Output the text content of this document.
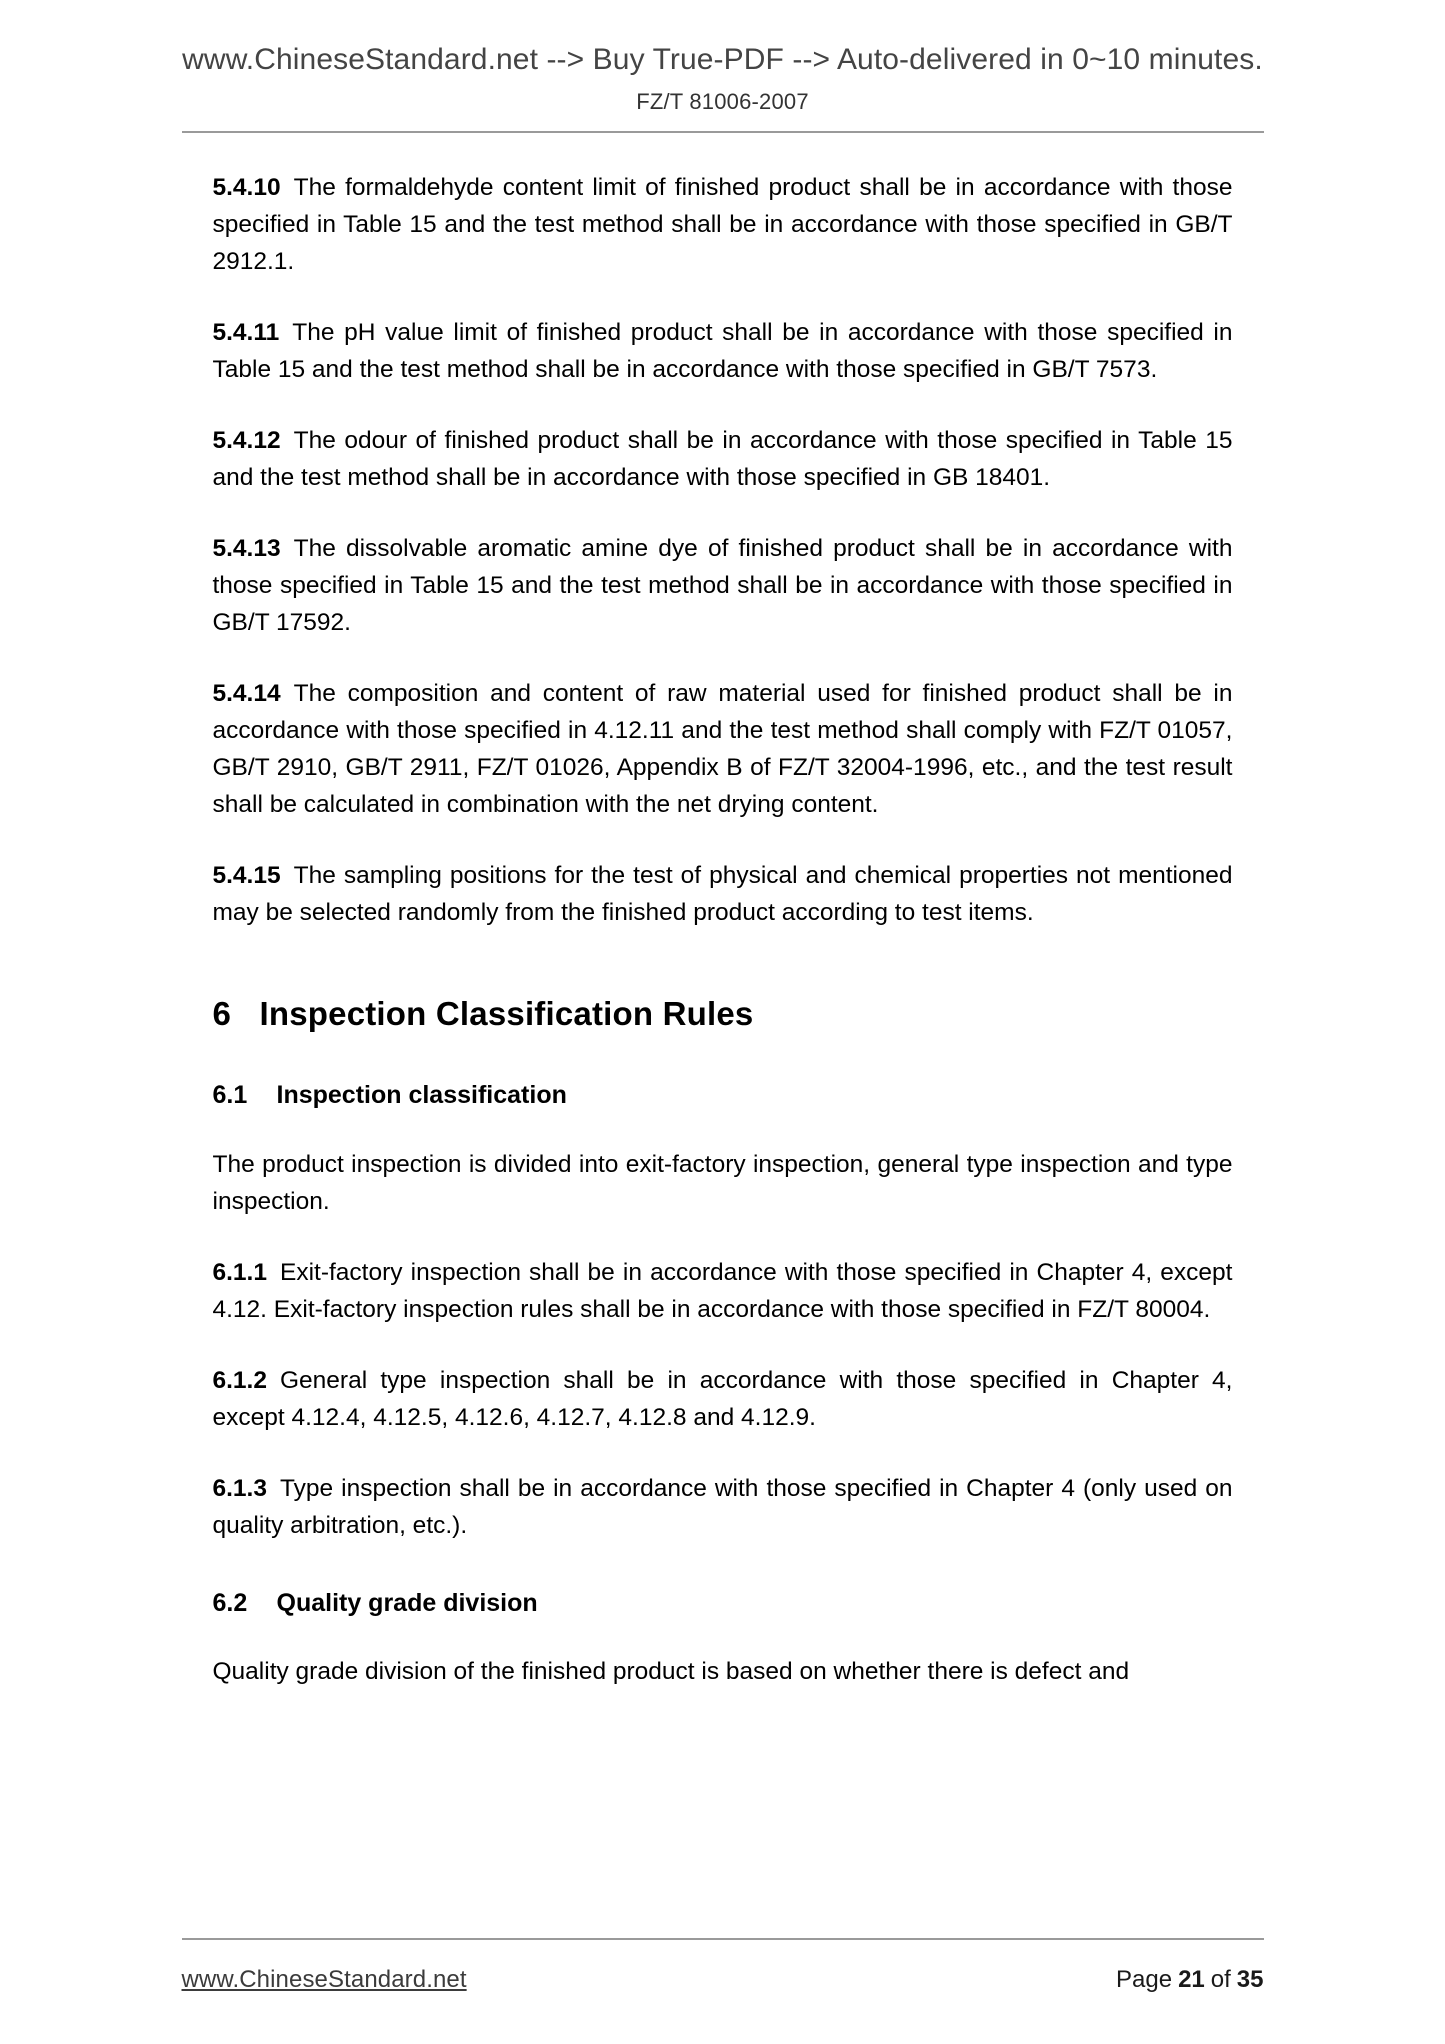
www.ChineseStandard.net --> Buy True-PDF --> Auto-delivered in 0~10 minutes.
FZ/T 81006-2007

5.4.10 The formaldehyde content limit of finished product shall be in accordance with those specified in Table 15 and the test method shall be in accordance with those specified in GB/T 2912.1.

5.4.11 The pH value limit of finished product shall be in accordance with those specified in Table 15 and the test method shall be in accordance with those specified in GB/T 7573.

5.4.12 The odour of finished product shall be in accordance with those specified in Table 15 and the test method shall be in accordance with those specified in GB 18401.

5.4.13 The dissolvable aromatic amine dye of finished product shall be in accordance with those specified in Table 15 and the test method shall be in accordance with those specified in GB/T 17592.

5.4.14 The composition and content of raw material used for finished product shall be in accordance with those specified in 4.12.11 and the test method shall comply with FZ/T 01057, GB/T 2910, GB/T 2911, FZ/T 01026, Appendix B of FZ/T 32004-1996, etc., and the test result shall be calculated in combination with the net drying content.

5.4.15 The sampling positions for the test of physical and chemical properties not mentioned may be selected randomly from the finished product according to test items.

6 Inspection Classification Rules
6.1 Inspection classification

The product inspection is divided into exit-factory inspection, general type inspection and type inspection.

6.1.1 Exit-factory inspection shall be in accordance with those specified in Chapter 4, except 4.12. Exit-factory inspection rules shall be in accordance with those specified in FZ/T 80004.

6.1.2 General type inspection shall be in accordance with those specified in Chapter 4, except 4.12.4, 4.12.5, 4.12.6, 4.12.7, 4.12.8 and 4.12.9.

6.1.3 Type inspection shall be in accordance with those specified in Chapter 4 (only used on quality arbitration, etc.).

6.2 Quality grade division

Quality grade division of the finished product is based on whether there is defect and

www.ChineseStandard.net	Page 21 of 35
